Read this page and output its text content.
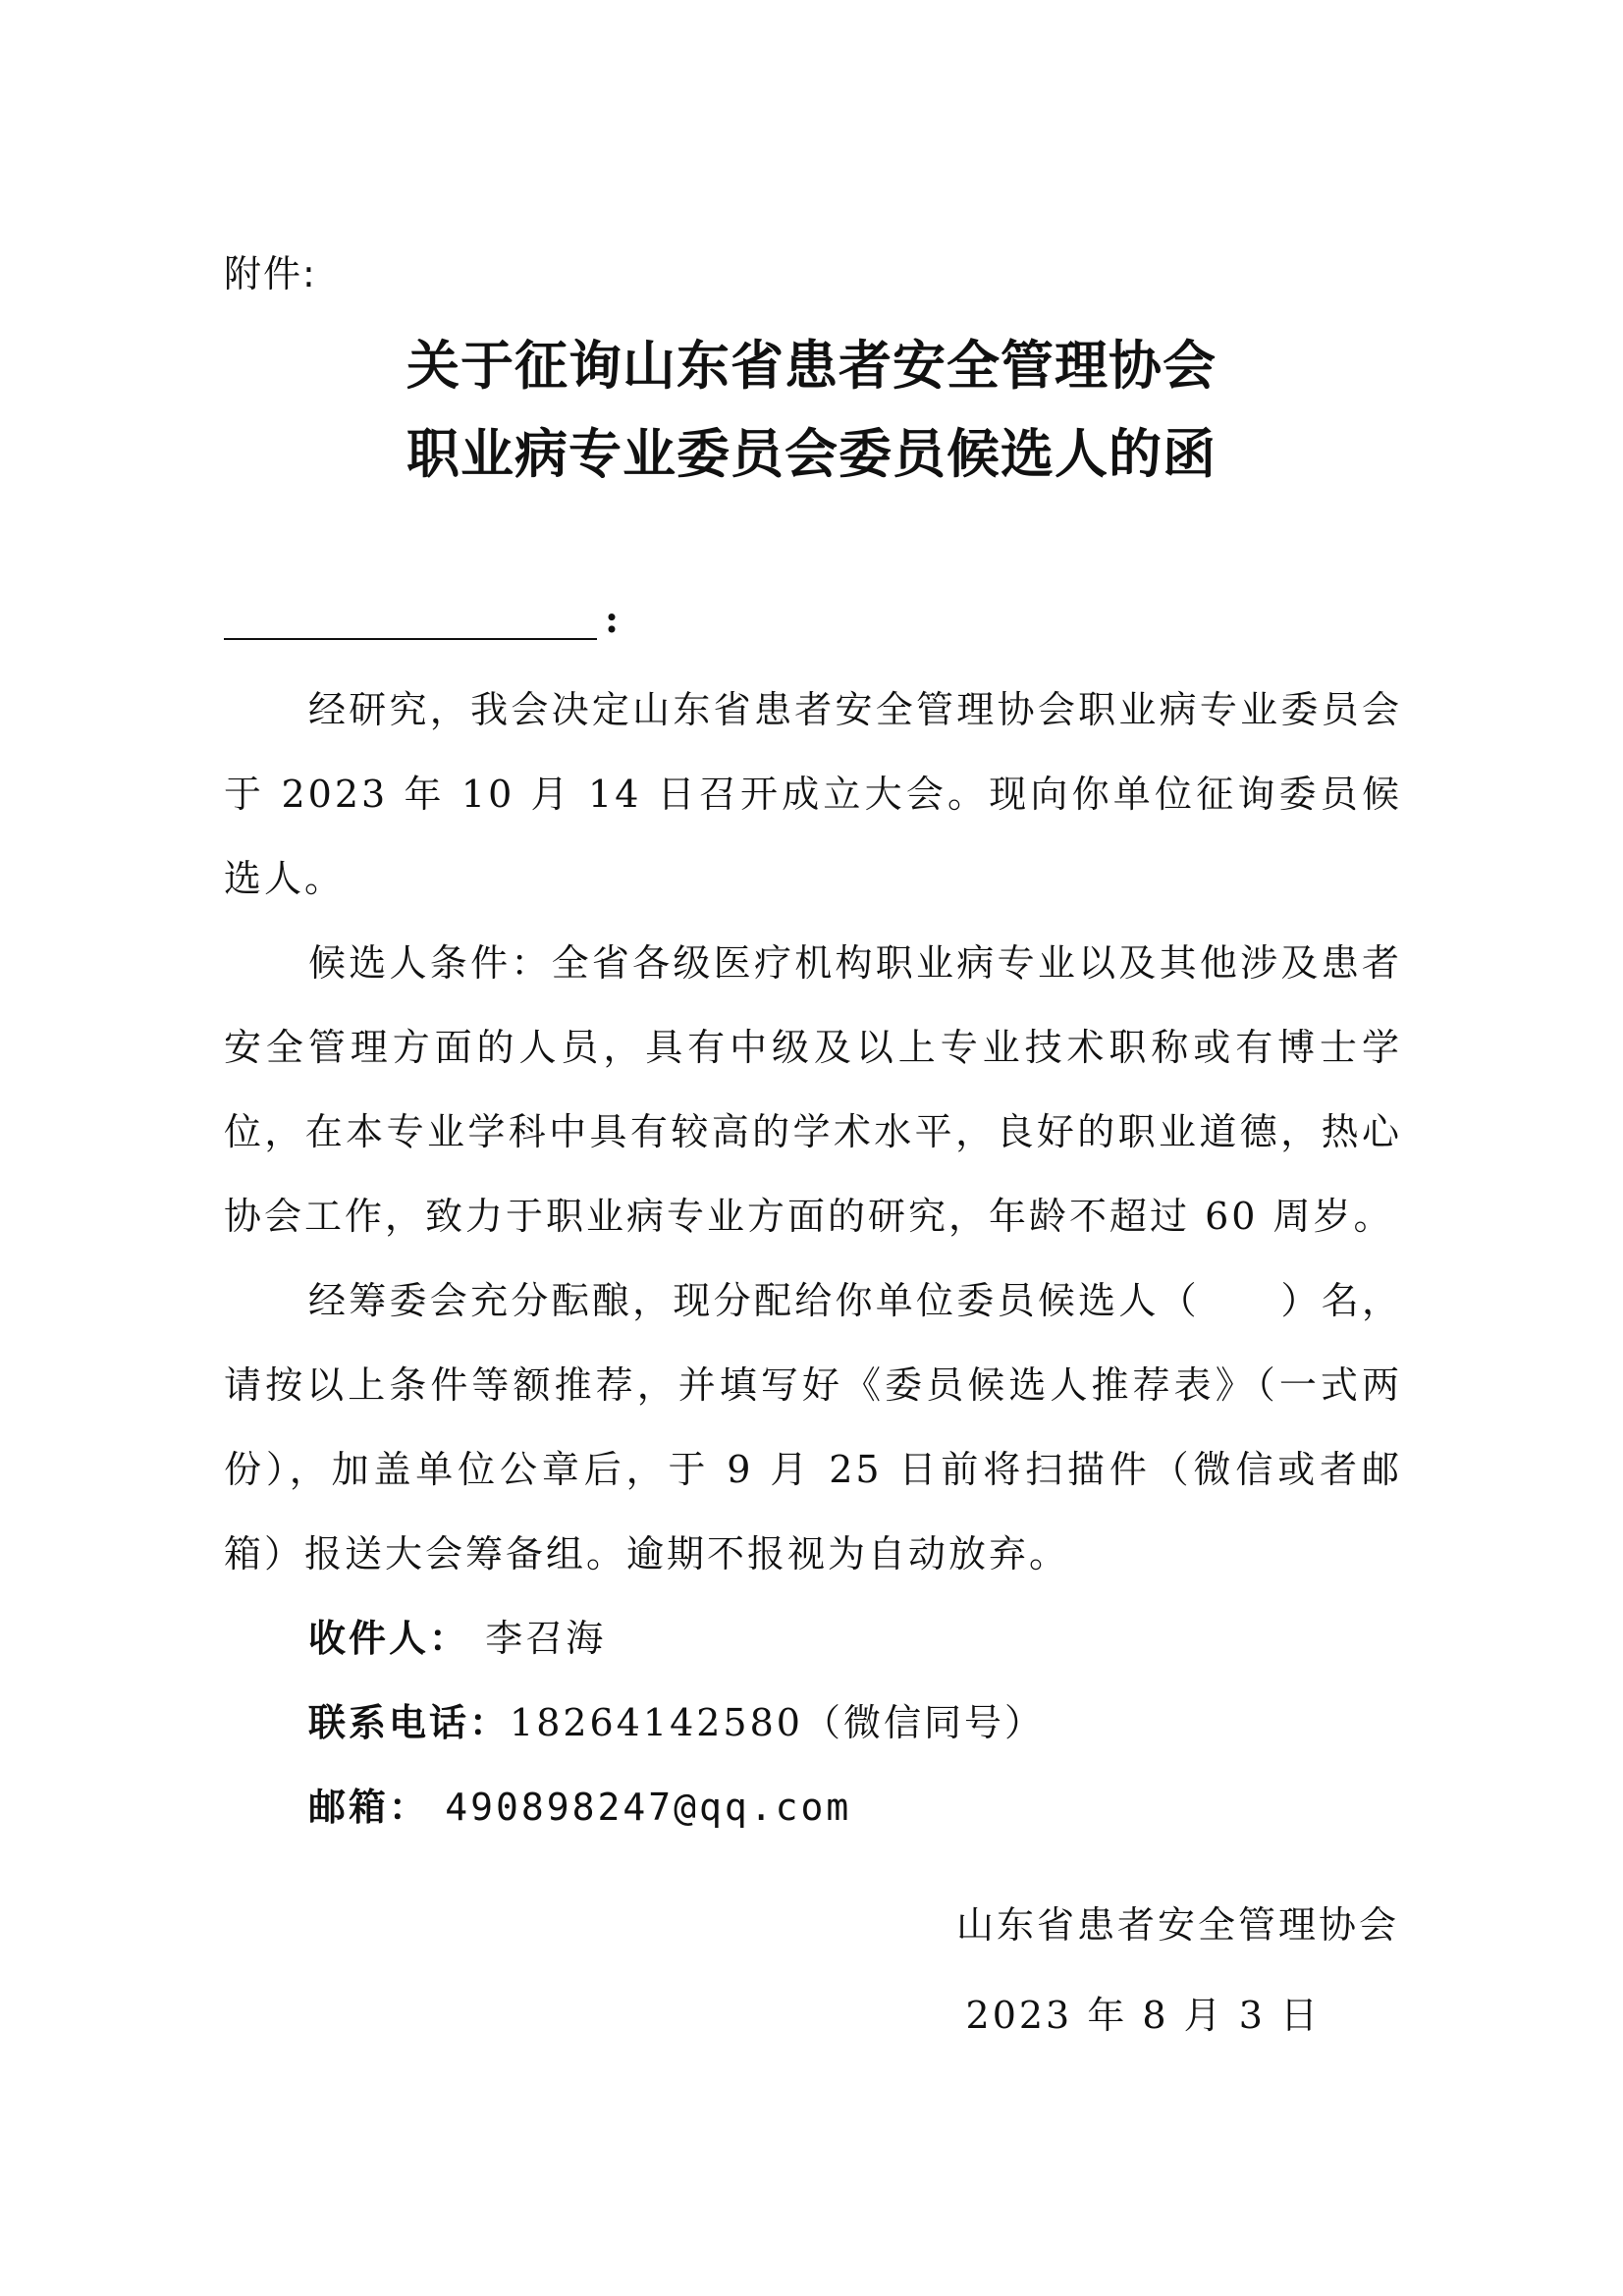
附件:
关于征询山东省患者安全管理协会
职业病专业委员会委员候选人的函
:

经研究，我会决定山东省患者安全管理协会职业病专业委员会于 2023 年 10 月 14 日召开成立大会。现向你单位征询委员候选人。

候选人条件：全省各级医疗机构职业病专业以及其他涉及患者安全管理方面的人员，具有中级及以上专业技术职称或有博士学位，在本专业学科中具有较高的学术水平，良好的职业道德，热心协会工作，致力于职业病专业方面的研究，年龄不超过 60 周岁。

经筹委会充分酝酿，现分配给你单位委员候选人（　　）名，请按以上条件等额推荐，并填写好《委员候选人推荐表》（一式两份），加盖单位公章后，于 9 月 25 日前将扫描件（微信或者邮箱）报送大会筹备组。逾期不报视为自动放弃。

收件人： 李召海

联系电话：18264142580（微信同号）

邮箱： 490898247@qq.com

山东省患者安全管理协会
2023 年 8 月 3 日
